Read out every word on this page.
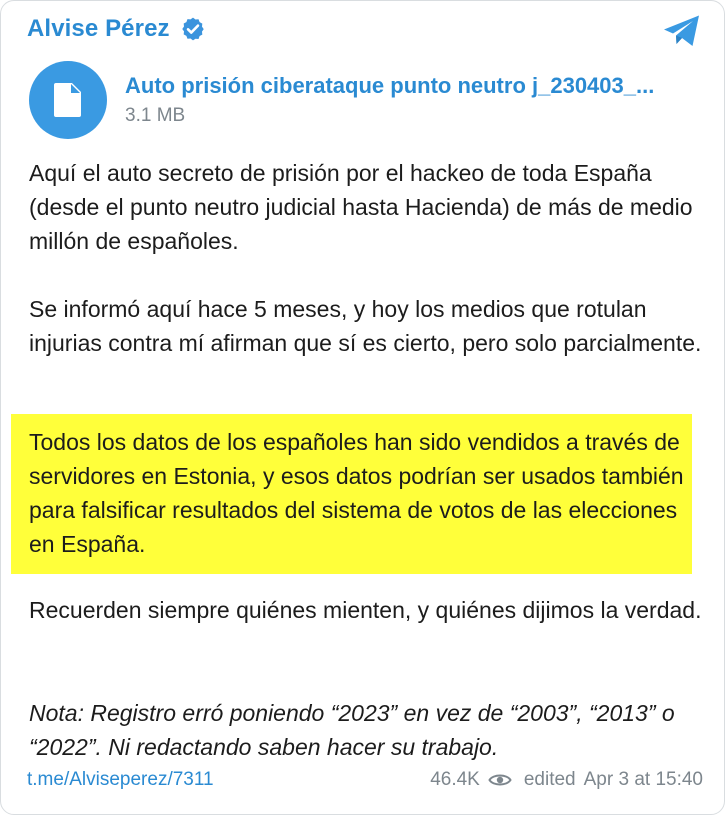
Alvise Pérez
Auto prisión ciberataque punto neutro j_230403_...
3.1 MB
Aquí el auto secreto de prisión por el hackeo de toda España (desde el punto neutro judicial hasta Hacienda) de más de medio millón de españoles.
Se informó aquí hace 5 meses, y hoy los medios que rotulan injurias contra mí afirman que sí es cierto, pero solo parcialmente.
Todos los datos de los españoles han sido vendidos a través de servidores en Estonia, y esos datos podrían ser usados también para falsificar resultados del sistema de votos de las elecciones en España.
Recuerden siempre quiénes mienten, y quiénes dijimos la verdad.
Nota: Registro erró poniendo “2023” en vez de “2003”, “2013” o “2022”. Ni redactando saben hacer su trabajo.
t.me/Alviseperez/7311	46.4K edited Apr 3 at 15:40
